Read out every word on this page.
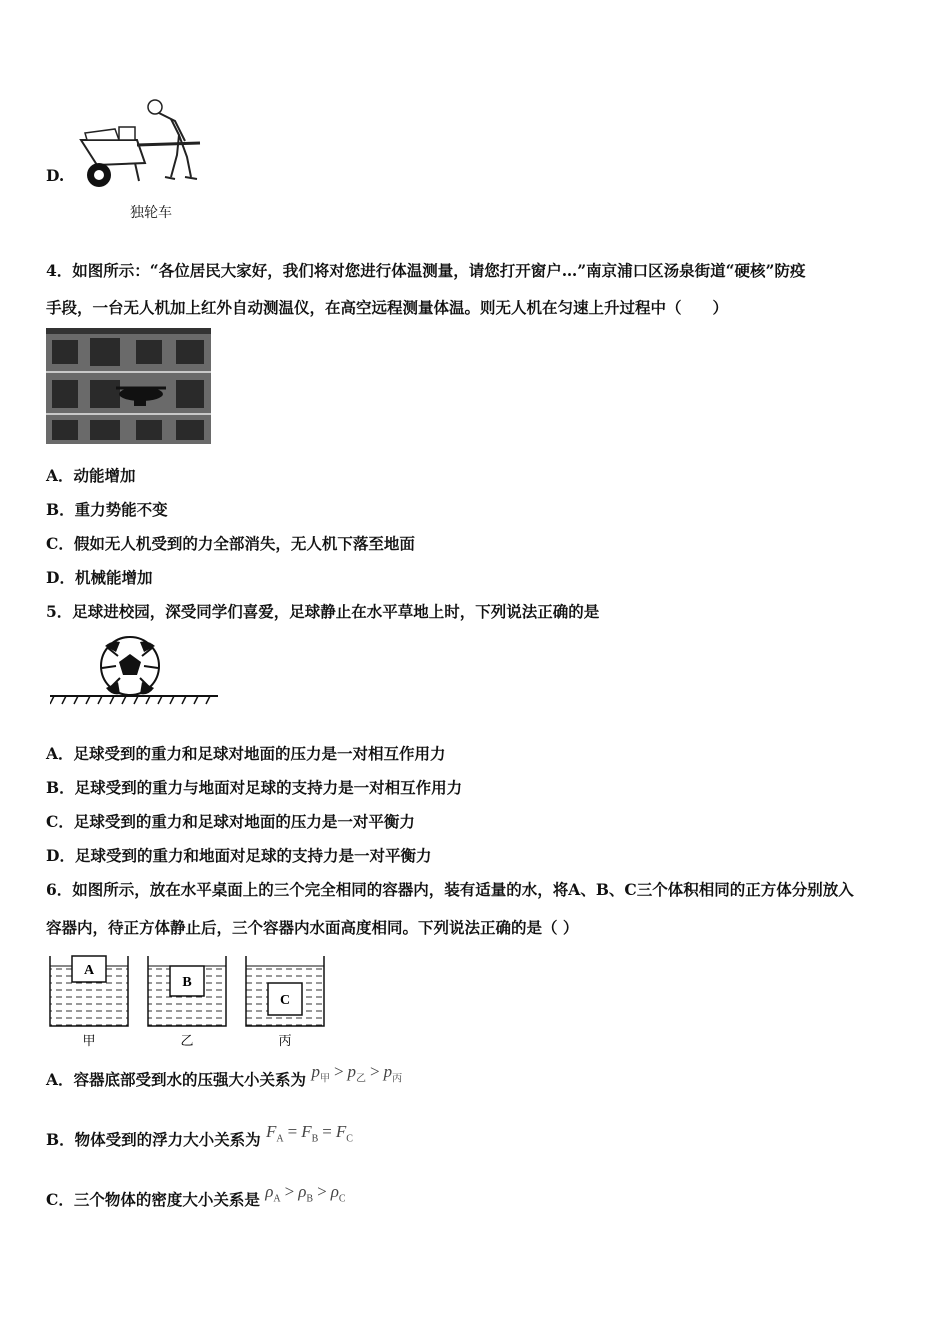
D.
独轮车
4．如图所示：“各位居民大家好，我们将对您进行体温测量，请您打开窗户…”南京浦口区汤泉街道“硬核”防疫
手段，一台无人机加上红外自动测温仪，在高空远程测量体温。则无人机在匀速上升过程中（　　）
A．动能增加
B．重力势能不变
C．假如无人机受到的力全部消失，无人机下落至地面
D．机械能增加
5．足球进校园，深受同学们喜爱，足球静止在水平草地上时，下列说法正确的是
A．足球受到的重力和足球对地面的压力是一对相互作用力
B．足球受到的重力与地面对足球的支持力是一对相互作用力
C．足球受到的重力和足球对地面的压力是一对平衡力
D．足球受到的重力和地面对足球的支持力是一对平衡力
6．如图所示，放在水平桌面上的三个完全相同的容器内，装有适量的水，将A、B、C三个体积相同的正方体分别放入
容器内，待正方体静止后，三个容器内水面高度相同。下列说法正确的是（ ）
A
甲
B
乙
C
丙
A．容器底部受到水的压强大小关系为 $p_甲 > p_乙 > p_丙$
B．物体受到的浮力大小关系为 $F_A = F_B = F_C$
C．三个物体的密度大小关系是 $\rho_A > \rho_B > \rho_C$
